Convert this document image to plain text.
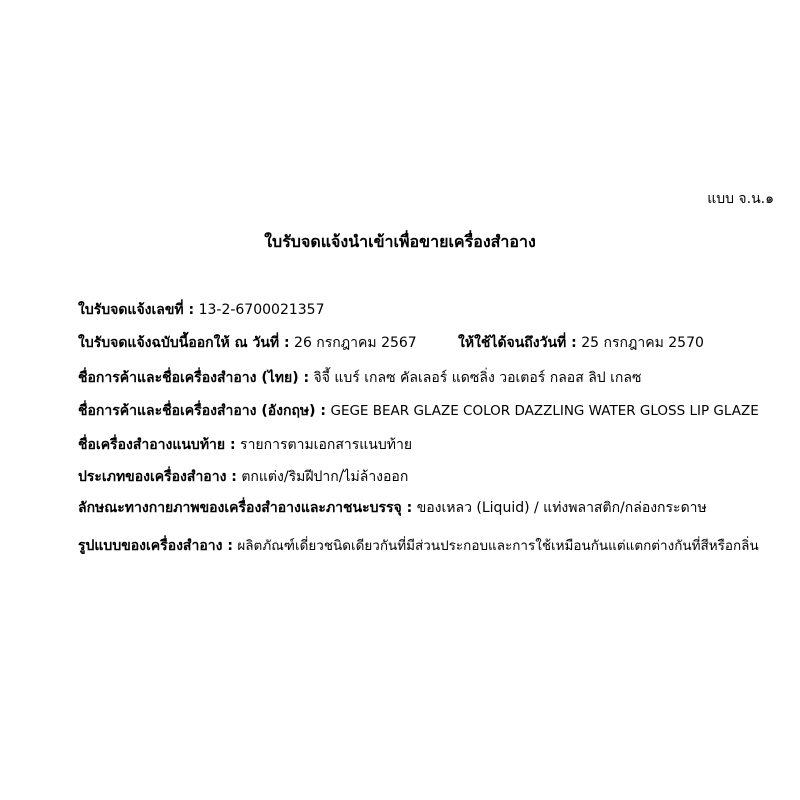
แบบ จ.น.๑
ใบรับจดแจ้งนำเข้าเพื่อขายเครื่องสำอาง
ใบรับจดแจ้งเลขที่ : 13-2-6700021357
ใบรับจดแจ้งฉบับนี้ออกให้ ณ วันที่ : 26 กรกฎาคม 2567	ให้ใช้ได้จนถึงวันที่ : 25 กรกฎาคม 2570
ชื่อการค้าและชื่อเครื่องสำอาง (ไทย) : จิจี้ แบร์ เกลซ คัลเลอร์ แดซลิ่ง วอเตอร์ กลอส ลิป เกลซ
ชื่อการค้าและชื่อเครื่องสำอาง (อังกฤษ) : GEGE BEAR GLAZE COLOR DAZZLING WATER GLOSS LIP GLAZE
ชื่อเครื่องสำอางแนบท้าย : รายการตามเอกสารแนบท้าย
ประเภทของเครื่องสำอาง : ตกแต่ง/ริมฝีปาก/ไม่ล้างออก
ลักษณะทางกายภาพของเครื่องสำอางและภาชนะบรรจุ : ของเหลว (Liquid) / แท่งพลาสติก/กล่องกระดาษ
รูปแบบของเครื่องสำอาง : ผลิตภัณฑ์เดี่ยวชนิดเดียวกันที่มีส่วนประกอบและการใช้เหมือนกันแต่แตกต่างกันที่สีหรือกลิ่น
